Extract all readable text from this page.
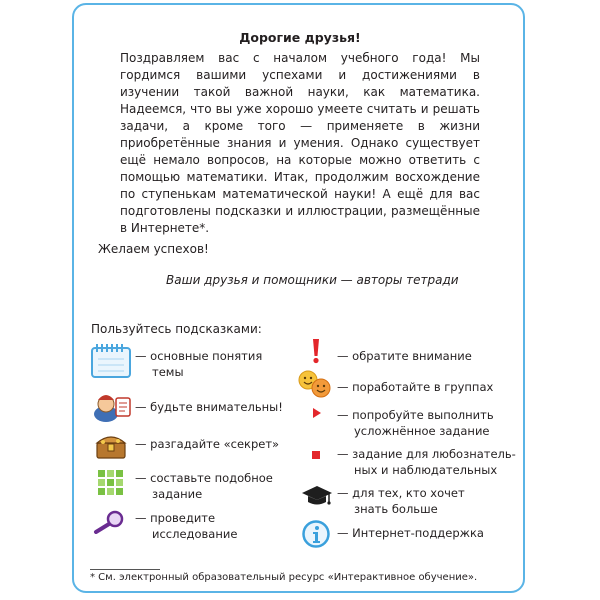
Дорогие друзья!

Поздравляем вас с началом учебного года! Мы гордимся вашими успехами и достижениями в изучении такой важной науки, как математика. Надеемся, что вы уже хорошо умеете считать и решать задачи, а кроме того — применяете в жизни приобретённые знания и умения. Однако существует ещё немало вопросов, на которые можно ответить с помощью математики. Итак, продолжим восхождение по ступенькам математической науки! А ещё для вас подготовлены подсказки и иллюстрации, размещённые в Интернете*.

Желаем успехов!
Ваши друзья и помощники — авторы тетради
Пользуйтесь подсказками:
— основные понятия
темы
— будьте внимательны!
— разгадайте «секрет»
— составьте подобное
задание
— проведите
исследование
— обратите внимание
— поработайте в группах
— попробуйте выполнить
усложнённое задание
— задание для любознатель-
ных и наблюдательных
— для тех, кто хочет
знать больше
— Интернет-поддержка
* См. электронный образовательный ресурс «Интерактивное обучение».
